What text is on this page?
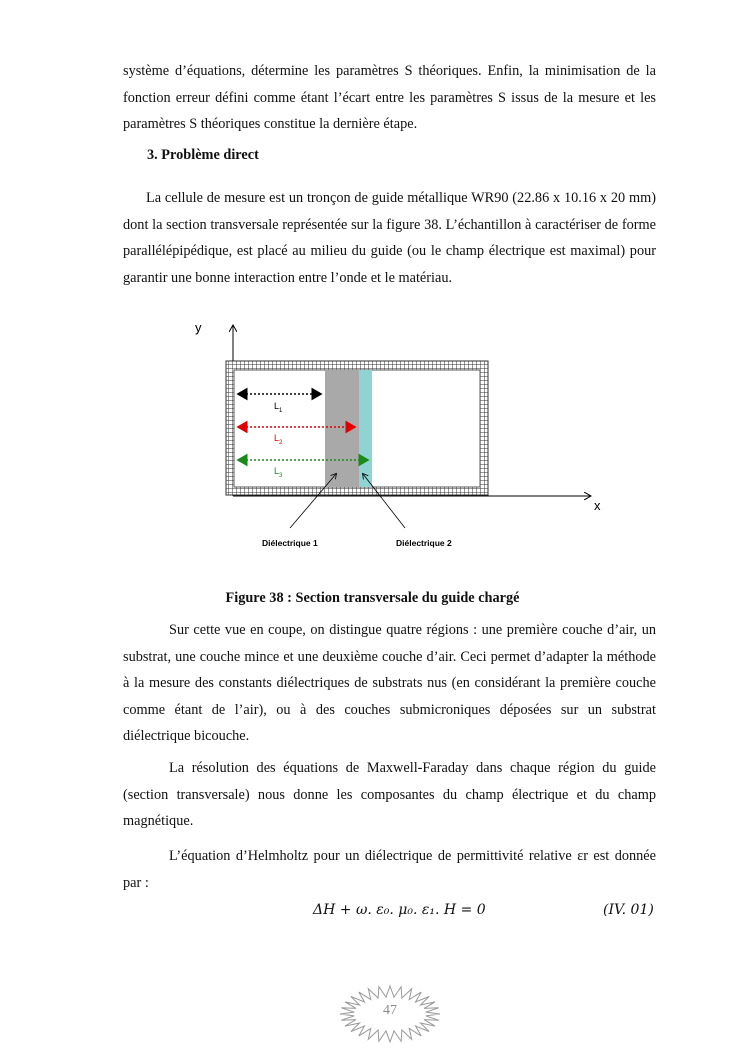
système d’équations, détermine les paramètres S théoriques. Enfin, la minimisation de la fonction erreur défini comme étant l’écart entre les paramètres S issus de la mesure et les paramètres S théoriques constitue la dernière étape.

3. Problème direct

La cellule de mesure est un tronçon de guide métallique WR90 (22.86 x 10.16 x 20 mm) dont la section transversale représentée sur la figure 38. L’échantillon à caractériser de forme parallélépipédique, est placé au milieu du guide (ou le champ électrique est maximal) pour garantir une bonne interaction entre l’onde et le matériau.

y
x
$L_1$
$L_2$
$L_3$
Diélectrique 1	Diélectrique 2

Figure 38 : Section transversale du guide chargé

Sur cette vue en coupe, on distingue quatre régions : une première couche d’air, un substrat, une couche mince et une deuxième couche d’air. Ceci permet d’adapter la méthode à la mesure des constants diélectriques de substrats nus (en considérant la première couche comme étant de l’air), ou à des couches submicroniques déposées sur un substrat diélectrique bicouche.

La résolution des équations de Maxwell-Faraday dans chaque région du guide (section transversale) nous donne les composantes du champ électrique et du champ magnétique.

L’équation d’Helmholtz pour un diélectrique de permittivité relative εr est donnée par :

ΔH + ω. ε₀. μ₀. ε₁. H = 0	(IV. 01)
47
